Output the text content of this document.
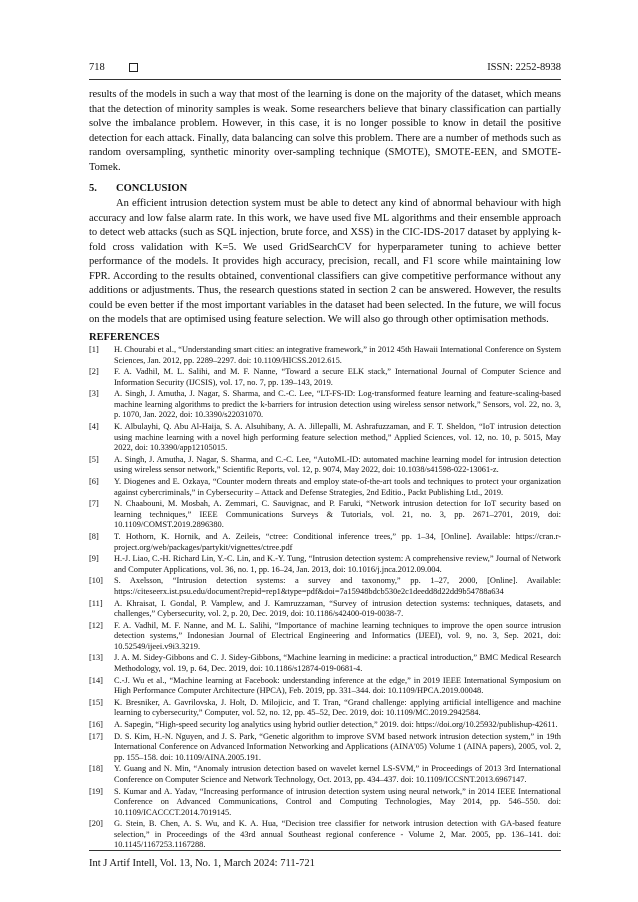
718	ISSN: 2252-8938
results of the models in such a way that most of the learning is done on the majority of the dataset, which means that the detection of minority samples is weak. Some researchers believe that binary classification can partially solve the imbalance problem. However, in this case, it is no longer possible to know in detail the positive detection for each attack. Finally, data balancing can solve this problem. There are a number of methods such as random oversampling, synthetic minority over-sampling technique (SMOTE), SMOTE-EEN, and SMOTE-Tomek.
5. CONCLUSION
An efficient intrusion detection system must be able to detect any kind of abnormal behaviour with high accuracy and low false alarm rate. In this work, we have used five ML algorithms and their ensemble approach to detect web attacks (such as SQL injection, brute force, and XSS) in the CIC-IDS-2017 dataset by applying k-fold cross validation with K=5. We used GridSearchCV for hyperparameter tuning to achieve better performance of the models. It provides high accuracy, precision, recall, and F1 score while maintaining low FPR. According to the results obtained, conventional classifiers can give competitive performance without any additions or adjustments. Thus, the research questions stated in section 2 can be answered. However, the results could be even better if the most important variables in the dataset had been selected. In the future, we will focus on the models that are optimised using feature selection. We will also go through other optimisation methods.
REFERENCES
[1] H. Chourabi et al., “Understanding smart cities: an integrative framework,” in 2012 45th Hawaii International Conference on System Sciences, Jan. 2012, pp. 2289–2297. doi: 10.1109/HICSS.2012.615.
[2] F. A. Vadhil, M. L. Salihi, and M. F. Nanne, “Toward a secure ELK stack,” International Journal of Computer Science and Information Security (IJCSIS), vol. 17, no. 7, pp. 139–143, 2019.
[3] A. Singh, J. Amutha, J. Nagar, S. Sharma, and C.-C. Lee, “LT-FS-ID: Log-transformed feature learning and feature-scaling-based machine learning algorithms to predict the k-barriers for intrusion detection using wireless sensor network,” Sensors, vol. 22, no. 3, p. 1070, Jan. 2022, doi: 10.3390/s22031070.
[4] K. Albulayhi, Q. Abu Al-Haija, S. A. Alsuhibany, A. A. Jillepalli, M. Ashrafuzzaman, and F. T. Sheldon, “IoT intrusion detection using machine learning with a novel high performing feature selection method,” Applied Sciences, vol. 12, no. 10, p. 5015, May 2022, doi: 10.3390/app12105015.
[5] A. Singh, J. Amutha, J. Nagar, S. Sharma, and C.-C. Lee, “AutoML-ID: automated machine learning model for intrusion detection using wireless sensor network,” Scientific Reports, vol. 12, p. 9074, May 2022, doi: 10.1038/s41598-022-13061-z.
[6] Y. Diogenes and E. Ozkaya, “Counter modern threats and employ state-of-the-art tools and techniques to protect your organization against cybercriminals,” in Cybersecurity – Attack and Defense Strategies, 2nd Editio., Packt Publishing Ltd., 2019.
[7] N. Chaabouni, M. Mosbah, A. Zemmari, C. Sauvignac, and P. Faruki, “Network intrusion detection for IoT security based on learning techniques,” IEEE Communications Surveys & Tutorials, vol. 21, no. 3, pp. 2671–2701, 2019, doi: 10.1109/COMST.2019.2896380.
[8] T. Hothorn, K. Hornik, and A. Zeileis, “ctree: Conditional inference trees,” pp. 1–34, [Online]. Available: https://cran.r-project.org/web/packages/partykit/vignettes/ctree.pdf
[9] H.-J. Liao, C.-H. Richard Lin, Y.-C. Lin, and K.-Y. Tung, “Intrusion detection system: A comprehensive review,” Journal of Network and Computer Applications, vol. 36, no. 1, pp. 16–24, Jan. 2013, doi: 10.1016/j.jnca.2012.09.004.
[10] S. Axelsson, “Intrusion detection systems: a survey and taxonomy,” pp. 1–27, 2000, [Online]. Available: https://citeseerx.ist.psu.edu/document?repid=rep1&type=pdf&doi=7a15948bdcb530e2c1deedd8d22dd9b54788a634
[11] A. Khraisat, I. Gondal, P. Vamplew, and J. Kamruzzaman, “Survey of intrusion detection systems: techniques, datasets, and challenges,” Cybersecurity, vol. 2, p. 20, Dec. 2019, doi: 10.1186/s42400-019-0038-7.
[12] F. A. Vadhil, M. F. Nanne, and M. L. Salihi, “Importance of machine learning techniques to improve the open source intrusion detection systems,” Indonesian Journal of Electrical Engineering and Informatics (IJEEI), vol. 9, no. 3, Sep. 2021, doi: 10.52549/ijeei.v9i3.3219.
[13] J. A. M. Sidey-Gibbons and C. J. Sidey-Gibbons, “Machine learning in medicine: a practical introduction,” BMC Medical Research Methodology, vol. 19, p. 64, Dec. 2019, doi: 10.1186/s12874-019-0681-4.
[14] C.-J. Wu et al., “Machine learning at Facebook: understanding inference at the edge,” in 2019 IEEE International Symposium on High Performance Computer Architecture (HPCA), Feb. 2019, pp. 331–344. doi: 10.1109/HPCA.2019.00048.
[15] K. Bresniker, A. Gavrilovska, J. Holt, D. Milojicic, and T. Tran, “Grand challenge: applying artificial intelligence and machine learning to cybersecurity,” Computer, vol. 52, no. 12, pp. 45–52, Dec. 2019, doi: 10.1109/MC.2019.2942584.
[16] A. Sapegin, “High-speed security log analytics using hybrid outlier detection,” 2019. doi: https://doi.org/10.25932/publishup-42611.
[17] D. S. Kim, H.-N. Nguyen, and J. S. Park, “Genetic algorithm to improve SVM based network intrusion detection system,” in 19th International Conference on Advanced Information Networking and Applications (AINA'05) Volume 1 (AINA papers), 2005, vol. 2, pp. 155–158. doi: 10.1109/AINA.2005.191.
[18] Y. Guang and N. Min, “Anomaly intrusion detection based on wavelet kernel LS-SVM,” in Proceedings of 2013 3rd International Conference on Computer Science and Network Technology, Oct. 2013, pp. 434–437. doi: 10.1109/ICCSNT.2013.6967147.
[19] S. Kumar and A. Yadav, “Increasing performance of intrusion detection system using neural network,” in 2014 IEEE International Conference on Advanced Communications, Control and Computing Technologies, May 2014, pp. 546–550. doi: 10.1109/ICACCCT.2014.7019145.
[20] G. Stein, B. Chen, A. S. Wu, and K. A. Hua, “Decision tree classifier for network intrusion detection with GA-based feature selection,” in Proceedings of the 43rd annual Southeast regional conference - Volume 2, Mar. 2005, pp. 136–141. doi: 10.1145/1167253.1167288.
Int J Artif Intell, Vol. 13, No. 1, March 2024: 711-721
